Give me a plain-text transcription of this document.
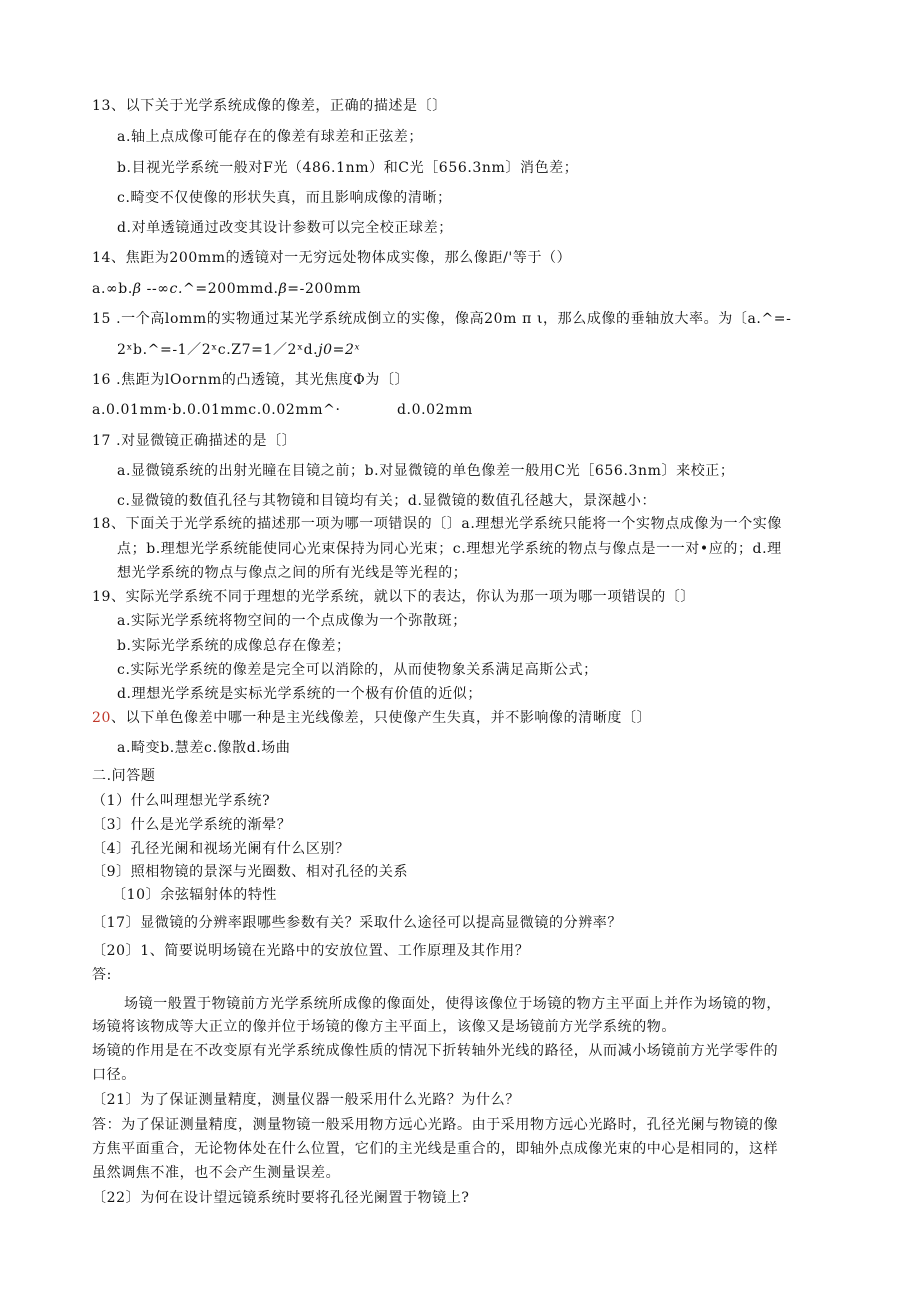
13、以下关于光学系统成像的像差，正确的描述是〔〕
a.轴上点成像可能存在的像差有球差和正弦差；
b.目视光学系统一般对F光（486.1nm）和C光［656.3nm〕消色差；
c.畸变不仅使像的形状失真，而且影响成像的清晰；
d.对单透镜通过改变其设计参数可以完全校正球差；
14、焦距为200mm的透镜对一无穷远处物体成实像，那么像距/'等于（）
a.∞b.β --∞c.^=200mmd.β=-200mm
15 .一个高lomm的实物通过某光学系统成倒立的实像，像高20m π ι，那么成像的垂轴放大率。为〔a.^=-
2ˣb.^=-1／2ˣc.Z7=1／2ˣd.j0=2ˣ
16 .焦距为lOornm的凸透镜，其光焦度Φ为〔〕
a.0.01mm·b.0.01mmc.0.02mm^·	d.0.02mm
17 .对显微镜正确描述的是〔〕
a.显微镜系统的出射光瞳在目镜之前；b.对显微镜的单色像差一般用C光［656.3nm〕来校正；
c.显微镜的数值孔径与其物镜和目镜均有关；d.显微镜的数值孔径越大，景深越小：
18、下面关于光学系统的描述那一项为哪一项错误的〔〕a.理想光学系统只能将一个实物点成像为一个实像
点；b.理想光学系统能使同心光束保持为同心光束；c.理想光学系统的物点与像点是一一对•应的；d.理
想光学系统的物点与像点之间的所有光线是等光程的；
19、实际光学系统不同于理想的光学系统，就以下的表达，你认为那一项为哪一项错误的〔〕
a.实际光学系统将物空间的一个点成像为一个弥散斑；
b.实际光学系统的成像总存在像差；
c.实际光学系统的像差是完全可以消除的，从而使物象关系满足高斯公式；
d.理想光学系统是实标光学系统的一个极有价值的近似；
20、以下单色像差中哪一种是主光线像差，只使像产生失真，并不影响像的清晰度〔〕
a.畸变b.慧差c.像散d.场曲
二.问答题
（1）什么叫理想光学系统?
〔3〕什么是光学系统的渐晕？
〔4〕孔径光阑和视场光阑有什么区别？
〔9〕照相物镜的景深与光圈数、相对孔径的关系
〔10〕余弦辐射体的特性
〔17〕显微镜的分辨率跟哪些参数有关？采取什么途径可以提高显微镜的分辨率？
〔20〕1、简要说明场镜在光路中的安放位置、工作原理及其作用？
答:
场镜一般置于物镜前方光学系统所成像的像面处，使得该像位于场镜的物方主平面上并作为场镜的物，
场镜将该物成等大正立的像并位于场镜的像方主平面上，该像又是场镜前方光学系统的物。
场镜的作用是在不改变原有光学系统成像性质的情况下折转轴外光线的路径，从而减小场镜前方光学零件的
口径。
〔21〕为了保证测量精度，测量仪器一般采用什么光路？为什么？
答：为了保证测量精度，测量物镜一般采用物方远心光路。由于采用物方远心光路时，孔径光阑与物镜的像
方焦平面重合，无论物体处在什么位置，它们的主光线是重合的，即轴外点成像光束的中心是相同的，这样
虽然调焦不准，也不会产生测量误差。
〔22〕为何在设计望远镜系统时要将孔径光阑置于物镜上?
